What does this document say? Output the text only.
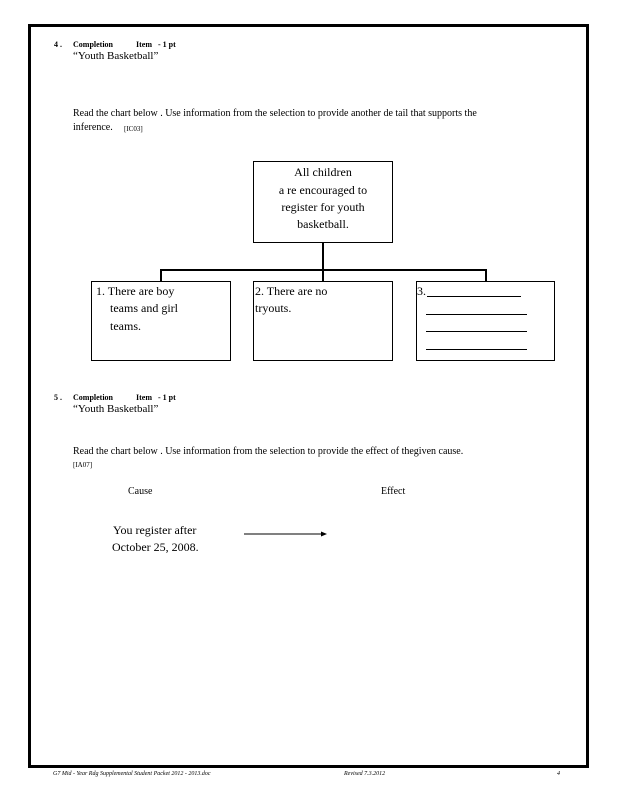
4 . Completion	Item - 1 pt
“Youth Basketball”
Read the chart below . Use information from the selection to provide another de tail that supports the
inference. [IC03]
All children
a re encouraged to
register for youth
basketball.
1. There are boy
teams and girl
teams.
2. There are no
tryouts.
3.
5 . Completion	Item - 1 pt
“Youth Basketball”
Read the chart below . Use information from the selection to provide the effect of thegiven cause.
[IA07]
Cause	Effect
You register after
October 25, 2008.
G7 Mid - Year Rdg Supplemental Student Packet 2012 - 2013.doc	Revised 7.3.2012	4
